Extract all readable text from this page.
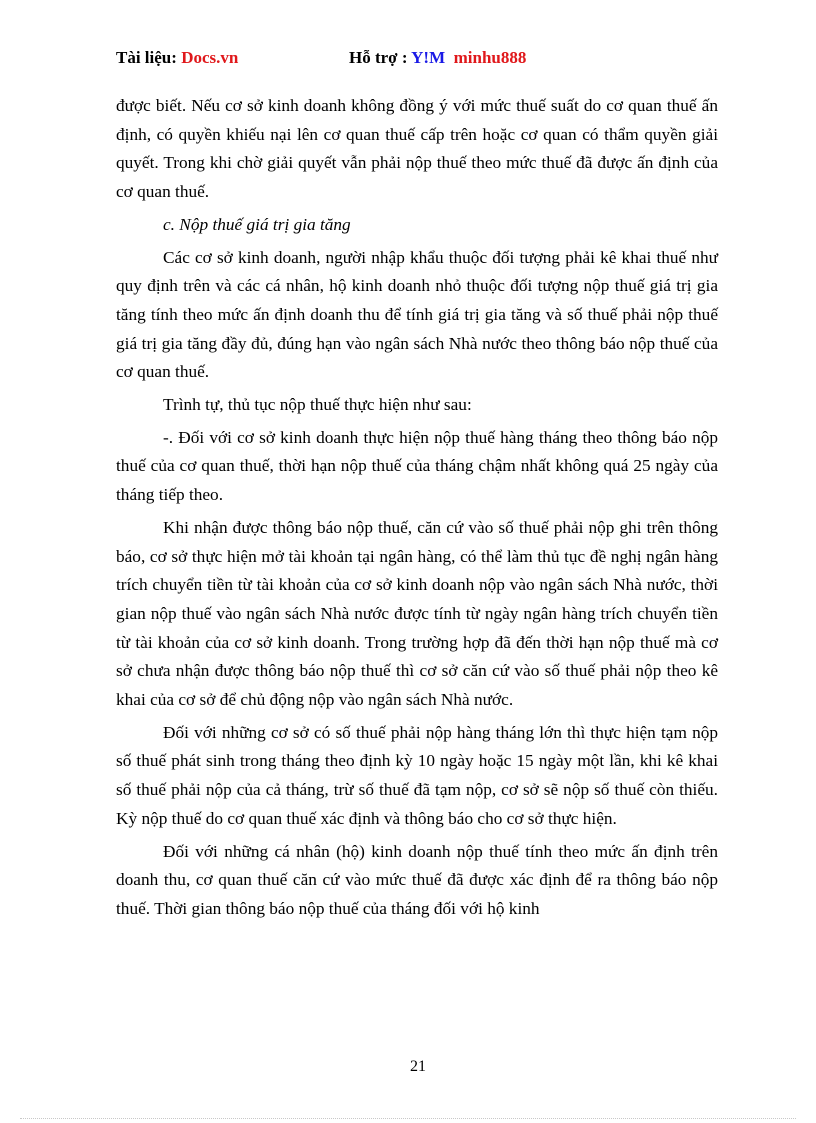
Tài liệu: Docs.vn	Hỗ trợ : Y!M minhu888

được biết. Nếu cơ sở kinh doanh không đồng ý với mức thuế suất do cơ quan thuế ấn định, có quyền khiếu nại lên cơ quan thuế cấp trên hoặc cơ quan có thẩm quyền giải quyết. Trong khi chờ giải quyết vẫn phải nộp thuế theo mức thuế đã được ấn định của cơ quan thuế.

c. Nộp thuế giá trị gia tăng

Các cơ sở kinh doanh, người nhập khẩu thuộc đối tượng phải kê khai thuế như quy định trên và các cá nhân, hộ kinh doanh nhỏ thuộc đối tượng nộp thuế giá trị gia tăng tính theo mức ấn định doanh thu để tính giá trị gia tăng và số thuế phải nộp thuế giá trị gia tăng đầy đủ, đúng hạn vào ngân sách Nhà nước theo thông báo nộp thuế của cơ quan thuế.

Trình tự, thủ tục nộp thuế thực hiện như sau:

-. Đối với cơ sở kinh doanh thực hiện nộp thuế hàng tháng theo thông báo nộp thuế của cơ quan thuế, thời hạn nộp thuế của tháng chậm nhất không quá 25 ngày của tháng tiếp theo.

Khi nhận được thông báo nộp thuế, căn cứ vào số thuế phải nộp ghi trên thông báo, cơ sở thực hiện mở tài khoản tại ngân hàng, có thể làm thủ tục đề nghị ngân hàng trích chuyển tiền từ tài khoản của cơ sở kinh doanh nộp vào ngân sách Nhà nước, thời gian nộp thuế vào ngân sách Nhà nước được tính từ ngày ngân hàng trích chuyển tiền từ tài khoản của cơ sở kinh doanh. Trong trường hợp đã đến thời hạn nộp thuế mà cơ sở chưa nhận được thông báo nộp thuế thì cơ sở căn cứ vào số thuế phải nộp theo kê khai của cơ sở để chủ động nộp vào ngân sách Nhà nước.

Đối với những cơ sở có số thuế phải nộp hàng tháng lớn thì thực hiện tạm nộp số thuế phát sinh trong tháng theo định kỳ 10 ngày hoặc 15 ngày một lần, khi kê khai số thuế phải nộp của cả tháng, trừ số thuế đã tạm nộp, cơ sở sẽ nộp số thuế còn thiếu. Kỳ nộp thuế do cơ quan thuế xác định và thông báo cho cơ sở thực hiện.

Đối với những cá nhân (hộ) kinh doanh nộp thuế tính theo mức ấn định trên doanh thu, cơ quan thuế căn cứ vào mức thuế đã được xác định để ra thông báo nộp thuế. Thời gian thông báo nộp thuế của tháng đối với hộ kinh

21
